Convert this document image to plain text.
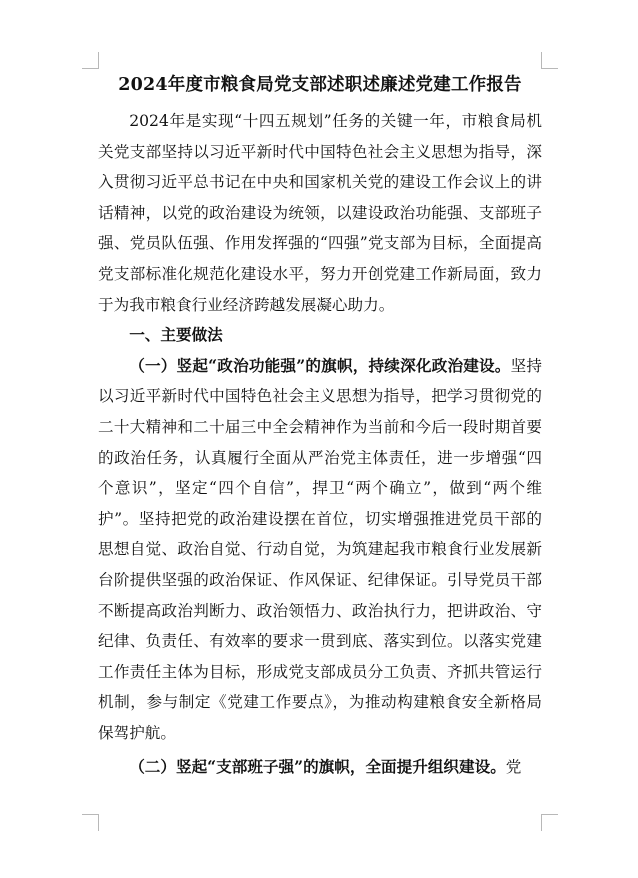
2024年度市粮食局党支部述职述廉述党建工作报告

2024年是实现“十四五规划”任务的关键一年，市粮食局机关党支部坚持以习近平新时代中国特色社会主义思想为指导，深入贯彻习近平总书记在中央和国家机关党的建设工作会议上的讲话精神，以党的政治建设为统领，以建设政治功能强、支部班子强、党员队伍强、作用发挥强的“四强”党支部为目标，全面提高党支部标准化规范化建设水平，努力开创党建工作新局面，致力于为我市粮食行业经济跨越发展凝心助力。

一、主要做法

（一）竖起“政治功能强”的旗帜，持续深化政治建设。坚持以习近平新时代中国特色社会主义思想为指导，把学习贯彻党的二十大精神和二十届三中全会精神作为当前和今后一段时期首要的政治任务，认真履行全面从严治党主体责任，进一步增强“四个意识”，坚定“四个自信”，捍卫“两个确立”，做到“两个维护”。坚持把党的政治建设摆在首位，切实增强推进党员干部的思想自觉、政治自觉、行动自觉，为筑建起我市粮食行业发展新台阶提供坚强的政治保证、作风保证、纪律保证。引导党员干部不断提高政治判断力、政治领悟力、政治执行力，把讲政治、守纪律、负责任、有效率的要求一贯到底、落实到位。以落实党建工作责任主体为目标，形成党支部成员分工负责、齐抓共管运行机制，参与制定《党建工作要点》，为推动构建粮食安全新格局保驾护航。

（二）竖起“支部班子强”的旗帜，全面提升组织建设。党
